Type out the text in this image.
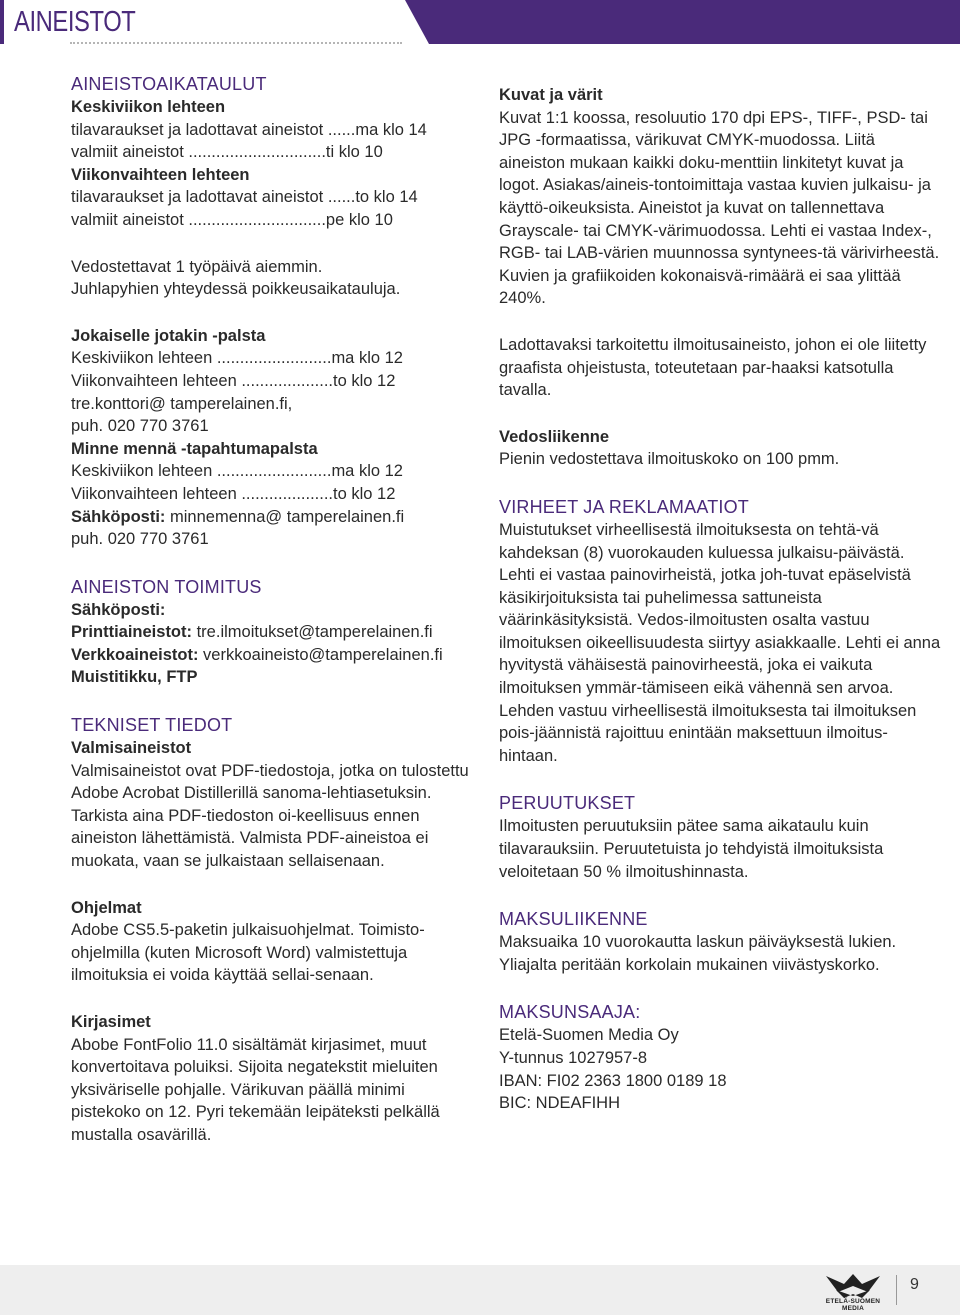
AINEISTOT
AINEISTOAIKATAULUT

Keskiviikon lehteen

tilavaraukset ja ladottavat aineistot ......ma klo 14

valmiit aineistot ..............................ti klo 10

Viikonvaihteen lehteen

tilavaraukset ja ladottavat aineistot ......to klo 14

valmiit aineistot ..............................pe klo 10

Vedostettavat 1 työpäivä aiemmin.

Juhlapyhien yhteydessä poikkeusaikatauluja.

Jokaiselle jotakin -palsta

Keskiviikon lehteen .........................ma klo 12

Viikonvaihteen lehteen ....................to klo 12

tre.konttori@ tamperelainen.fi,

puh. 020 770 3761

Minne mennä -tapahtumapalsta

Keskiviikon lehteen .........................ma klo 12

Viikonvaihteen lehteen ....................to klo 12

Sähköposti: minnemenna@ tamperelainen.fi

puh. 020 770 3761

AINEISTON TOIMITUS

Sähköposti:

Printtiaineistot: tre.ilmoitukset@tamperelainen.fi

Verkkoaineistot: verkkoaineisto@tamperelainen.fi

Muistitikku, FTP

TEKNISET TIEDOT

Valmisaineistot

Valmisaineistot ovat PDF-tiedostoja, jotka on tulostettu Adobe Acrobat Distillerillä sanoma-lehtiasetuksin. Tarkista aina PDF-tiedoston oi-keellisuus ennen aineiston lähettämistä. Valmista PDF-aineistoa ei muokata, vaan se julkaistaan sellaisenaan.

Ohjelmat

Adobe CS5.5-paketin julkaisuohjelmat. Toimisto-ohjelmilla (kuten Microsoft Word) valmistettuja ilmoituksia ei voida käyttää sellai-senaan.

Kirjasimet

Abobe FontFolio 11.0 sisältämät kirjasimet, muut konvertoitava poluiksi. Sijoita negatekstit mieluiten yksiväriselle pohjalle. Värikuvan päällä minimi pistekoko on 12. Pyri tekemään leipäteksti pelkällä mustalla osavärillä.

Kuvat ja värit

Kuvat 1:1 koossa, resoluutio 170 dpi EPS-, TIFF-, PSD- tai JPG -formaatissa, värikuvat CMYK-muodossa. Liitä aineiston mukaan kaikki doku-menttiin linkitetyt kuvat ja logot. Asiakas/aineis-tontoimittaja vastaa kuvien julkaisu- ja käyttö-oikeuksista. Aineistot ja kuvat on tallennettava Grayscale- tai CMYK-värimuodossa. Lehti ei vastaa Index-, RGB- tai LAB-värien muunnossa syntynees-tä värivirheestä. Kuvien ja grafiikoiden kokonaisvä-rimäärä ei saa ylittää 240%.

Ladottavaksi tarkoitettu ilmoitusaineisto, johon ei ole liitetty graafista ohjeistusta, toteutetaan par-haaksi katsotulla tavalla.

Vedosliikenne

Pienin vedostettava ilmoituskoko on 100 pmm.

VIRHEET JA REKLAMAATIOT

Muistutukset virheellisestä ilmoituksesta on tehtä-vä kahdeksan (8) vuorokauden kuluessa julkaisu-päivästä. Lehti ei vastaa painovirheistä, jotka joh-tuvat epäselvistä käsikirjoituksista tai puhelimessa sattuneista väärinkäsityksistä. Vedos-ilmoitusten osalta vastuu ilmoituksen oikeellisuudesta siirtyy asiakkaalle. Lehti ei anna hyvitystä vähäisestä painovirheestä, joka ei vaikuta ilmoituksen ymmär-tämiseen eikä vähennä sen arvoa. Lehden vastuu virheellisestä ilmoituksesta tai ilmoituksen pois-jäännistä rajoittuu enintään maksettuun ilmoitus-hintaan.

PERUUTUKSET

Ilmoitusten peruutuksiin pätee sama aikataulu kuin tilavarauksiin. Peruutetuista jo tehdyistä ilmoituksista veloitetaan 50 % ilmoitushinnasta.

MAKSULIIKENNE

Maksuaika 10 vuorokautta laskun päiväyksestä lukien. Yliajalta peritään korkolain mukainen viivästyskorko.

MAKSUNSAAJA:

Etelä-Suomen Media Oy

Y-tunnus 1027957-8

IBAN: FI02 2363 1800 0189 18

BIC: NDEAFIHH

ETELÄ-SUOMEN MEDIA
9
